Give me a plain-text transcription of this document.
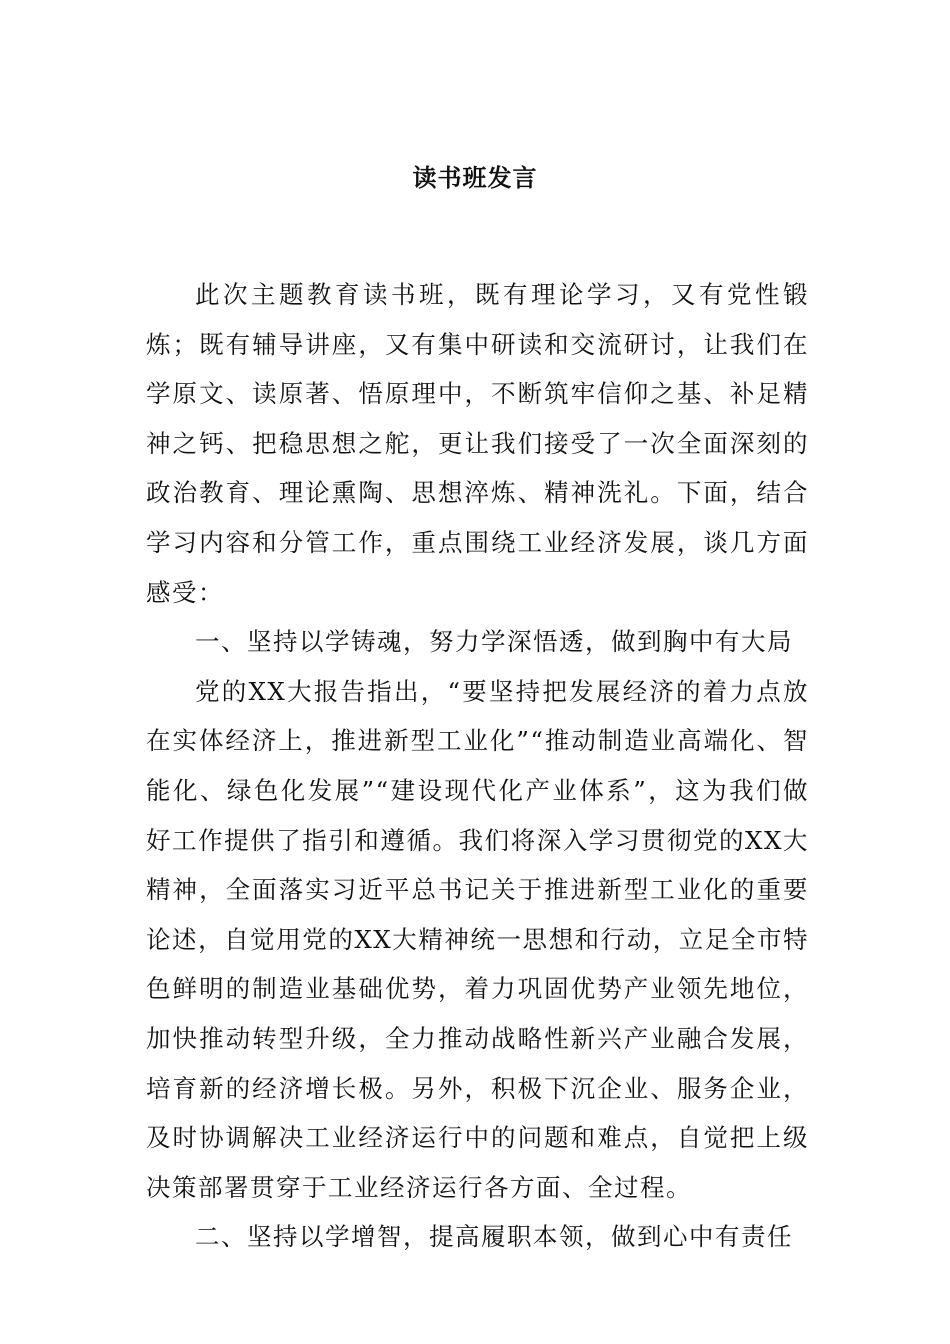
读书班发言

此次主题教育读书班，既有理论学习，又有党性锻炼；既有辅导讲座，又有集中研读和交流研讨，让我们在学原文、读原著、悟原理中，不断筑牢信仰之基、补足精神之钙、把稳思想之舵，更让我们接受了一次全面深刻的政治教育、理论熏陶、思想淬炼、精神洗礼。下面，结合学习内容和分管工作，重点围绕工业经济发展，谈几方面感受：

一、坚持以学铸魂，努力学深悟透，做到胸中有大局

党的XX大报告指出，“要坚持把发展经济的着力点放在实体经济上，推进新型工业化”“推动制造业高端化、智能化、绿色化发展”“建设现代化产业体系”，这为我们做好工作提供了指引和遵循。我们将深入学习贯彻党的XX大精神，全面落实习近平总书记关于推进新型工业化的重要论述，自觉用党的XX大精神统一思想和行动，立足全市特色鲜明的制造业基础优势，着力巩固优势产业领先地位，加快推动转型升级，全力推动战略性新兴产业融合发展，培育新的经济增长极。另外，积极下沉企业、服务企业，及时协调解决工业经济运行中的问题和难点，自觉把上级决策部署贯穿于工业经济运行各方面、全过程。

二、坚持以学增智，提高履职本领，做到心中有责任
